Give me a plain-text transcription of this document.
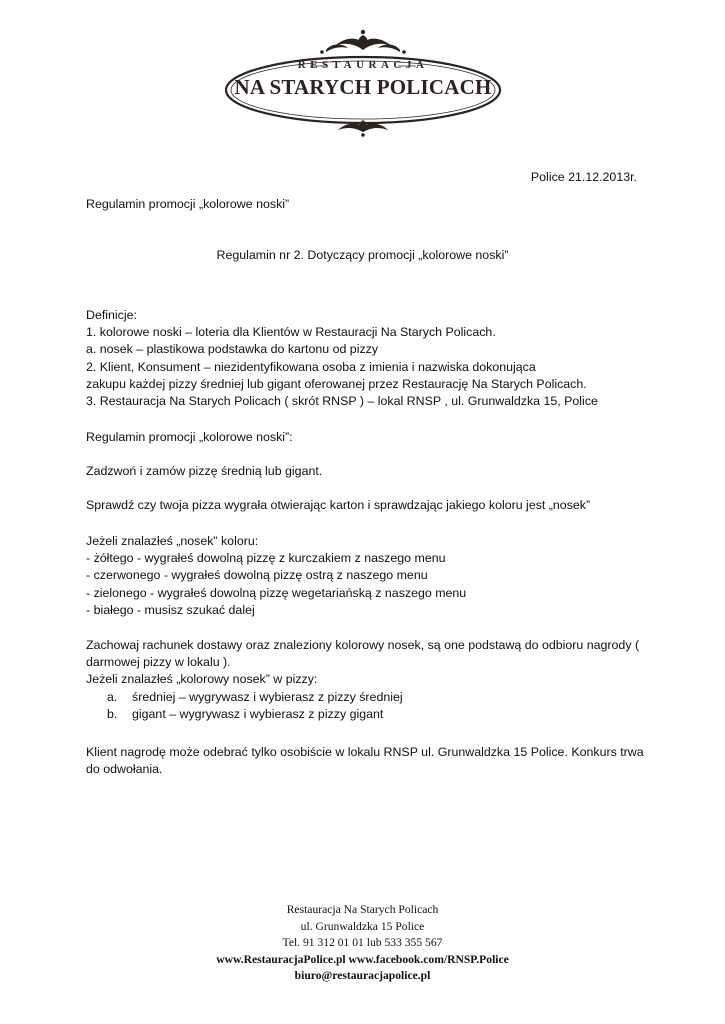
RESTAURACJA
NA STARYCH POLICACH
Police 21.12.2013r.
Regulamin promocji „kolorowe noski”
Regulamin nr 2. Dotyczący promocji „kolorowe noski”
Definicje:
1. kolorowe noski – loteria dla Klientów w Restauracji Na Starych Policach.
a. nosek – plastikowa podstawka do kartonu od pizzy
2. Klient, Konsument – niezidentyfikowana osoba z imienia i nazwiska dokonująca
zakupu każdej pizzy średniej lub gigant oferowanej przez Restaurację Na Starych Policach.
3. Restauracja Na Starych Policach ( skrót RNSP ) – lokal RNSP , ul. Grunwaldzka 15, Police
Regulamin promocji „kolorowe noski”:
Zadzwoń i zamów pizzę średnią lub gigant.
Sprawdź czy twoja pizza wygrała otwierając karton i sprawdzając jakiego koloru jest „nosek”
Jeżeli znalazłeś „nosek” koloru:
- żółtego - wygrałeś dowolną pizzę z kurczakiem z naszego menu
- czerwonego - wygrałeś dowolną pizzę ostrą z naszego menu
- zielonego - wygrałeś dowolną pizzę wegetariańską z naszego menu
- białego - musisz szukać dalej
Zachowaj rachunek dostawy oraz znaleziony kolorowy nosek, są one podstawą do odbioru nagrody (
darmowej pizzy w lokalu ).
Jeżeli znalazłeś „kolorowy nosek” w pizzy:
a.	średniej – wygrywasz i wybierasz z pizzy średniej
b.	gigant – wygrywasz i wybierasz z pizzy gigant
Klient nagrodę może odebrać tylko osobiście w lokalu RNSP ul. Grunwaldzka 15 Police. Konkurs trwa
do odwołania.
Restauracja Na Starych Policach
ul. Grunwaldzka 15 Police
Tel. 91 312 01 01 lub 533 355 567
www.RestauracjaPolice.pl www.facebook.com/RNSP.Police
biuro@restauracjapolice.pl
